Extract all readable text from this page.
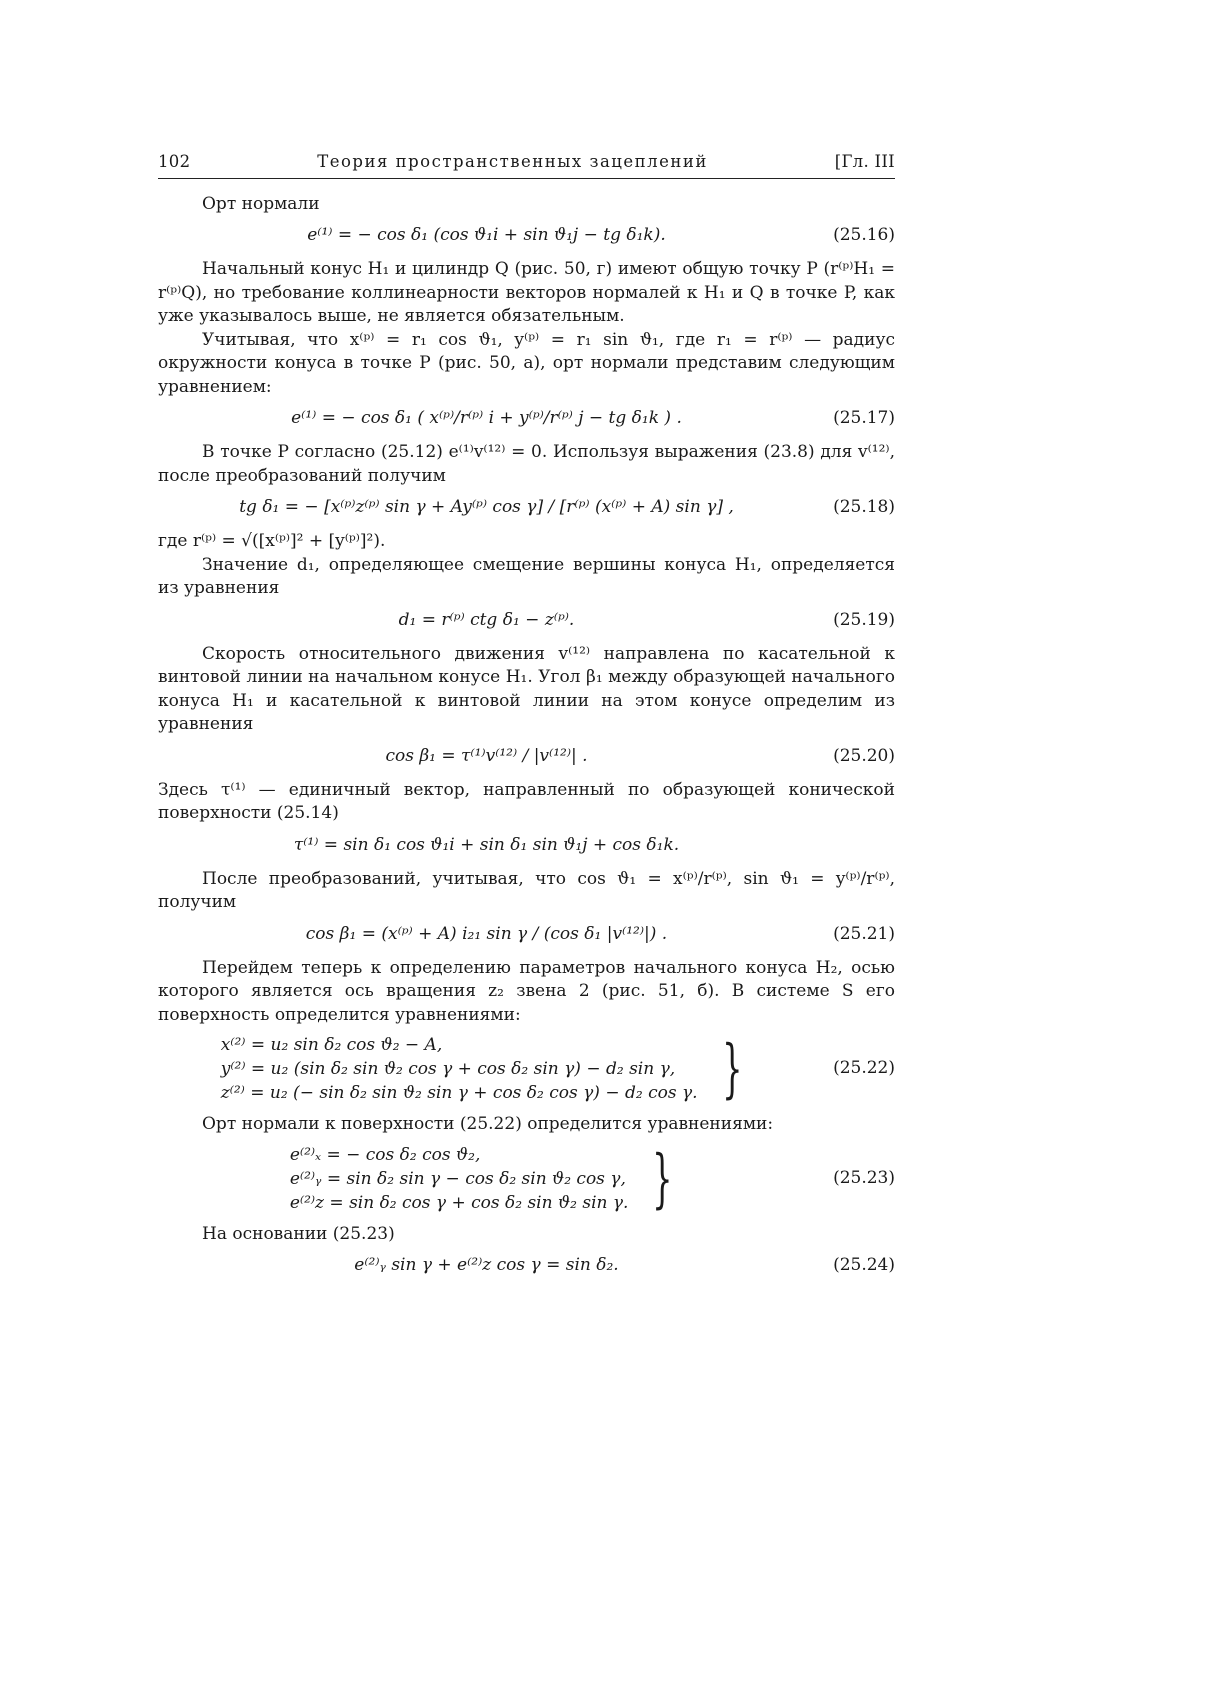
102	Теория пространственных зацеплений	[Гл. III

Орт нормали

e⁽¹⁾ = − cos δ₁ (cos ϑ₁i + sin ϑ₁j − tg δ₁k).	(25.16)

Начальный конус H₁ и цилиндр Q (рис. 50, г) имеют общую точку P (r⁽ᵖ⁾H₁ = r⁽ᵖ⁾Q), но требование коллинеарности векторов нормалей к H₁ и Q в точке P, как уже указывалось выше, не является обязательным.

Учитывая, что x⁽ᵖ⁾ = r₁ cos ϑ₁, y⁽ᵖ⁾ = r₁ sin ϑ₁, где r₁ = r⁽ᵖ⁾ — радиус окружности конуса в точке P (рис. 50, а), орт нормали представим следующим уравнением:

e⁽¹⁾ = − cos δ₁ ( x⁽ᵖ⁾/r⁽ᵖ⁾ i + y⁽ᵖ⁾/r⁽ᵖ⁾ j − tg δ₁k ) .	(25.17)

В точке P согласно (25.12) e⁽¹⁾v⁽¹²⁾ = 0. Используя выражения (23.8) для v⁽¹²⁾, после преобразований получим

tg δ₁ = − [x⁽ᵖ⁾z⁽ᵖ⁾ sin γ + Ay⁽ᵖ⁾ cos γ] / [r⁽ᵖ⁾ (x⁽ᵖ⁾ + A) sin γ] ,	(25.18)

где r⁽ᵖ⁾ = √([x⁽ᵖ⁾]² + [y⁽ᵖ⁾]²).

Значение d₁, определяющее смещение вершины конуса H₁, определяется из уравнения

d₁ = r⁽ᵖ⁾ ctg δ₁ − z⁽ᵖ⁾.	(25.19)

Скорость относительного движения v⁽¹²⁾ направлена по касательной к винтовой линии на начальном конусе H₁. Угол β₁ между образующей начального конуса H₁ и касательной к винтовой линии на этом конусе определим из уравнения

cos β₁ = τ⁽¹⁾v⁽¹²⁾ / |v⁽¹²⁾| .	(25.20)

Здесь τ⁽¹⁾ — единичный вектор, направленный по образующей конической поверхности (25.14)

τ⁽¹⁾ = sin δ₁ cos ϑ₁i + sin δ₁ sin ϑ₁j + cos δ₁k.

После преобразований, учитывая, что cos ϑ₁ = x⁽ᵖ⁾/r⁽ᵖ⁾, sin ϑ₁ = y⁽ᵖ⁾/r⁽ᵖ⁾, получим

cos β₁ = (x⁽ᵖ⁾ + A) i₂₁ sin γ / (cos δ₁ |v⁽¹²⁾|) .	(25.21)

Перейдем теперь к определению параметров начального конуса H₂, осью которого является ось вращения z₂ звена 2 (рис. 51, б). В системе S его поверхность определится уравнениями:

x⁽²⁾ = u₂ sin δ₂ cos ϑ₂ − A,
y⁽²⁾ = u₂ (sin δ₂ sin ϑ₂ cos γ + cos δ₂ sin γ) − d₂ sin γ,
z⁽²⁾ = u₂ (− sin δ₂ sin ϑ₂ sin γ + cos δ₂ cos γ) − d₂ cos γ. }	(25.22)

Орт нормали к поверхности (25.22) определится уравнениями:

e⁽²⁾ₓ = − cos δ₂ cos ϑ₂,
e⁽²⁾ᵧ = sin δ₂ sin γ − cos δ₂ sin ϑ₂ cos γ,
e⁽²⁾z = sin δ₂ cos γ + cos δ₂ sin ϑ₂ sin γ. }	(25.23)

На основании (25.23)

e⁽²⁾ᵧ sin γ + e⁽²⁾z cos γ = sin δ₂.	(25.24)
